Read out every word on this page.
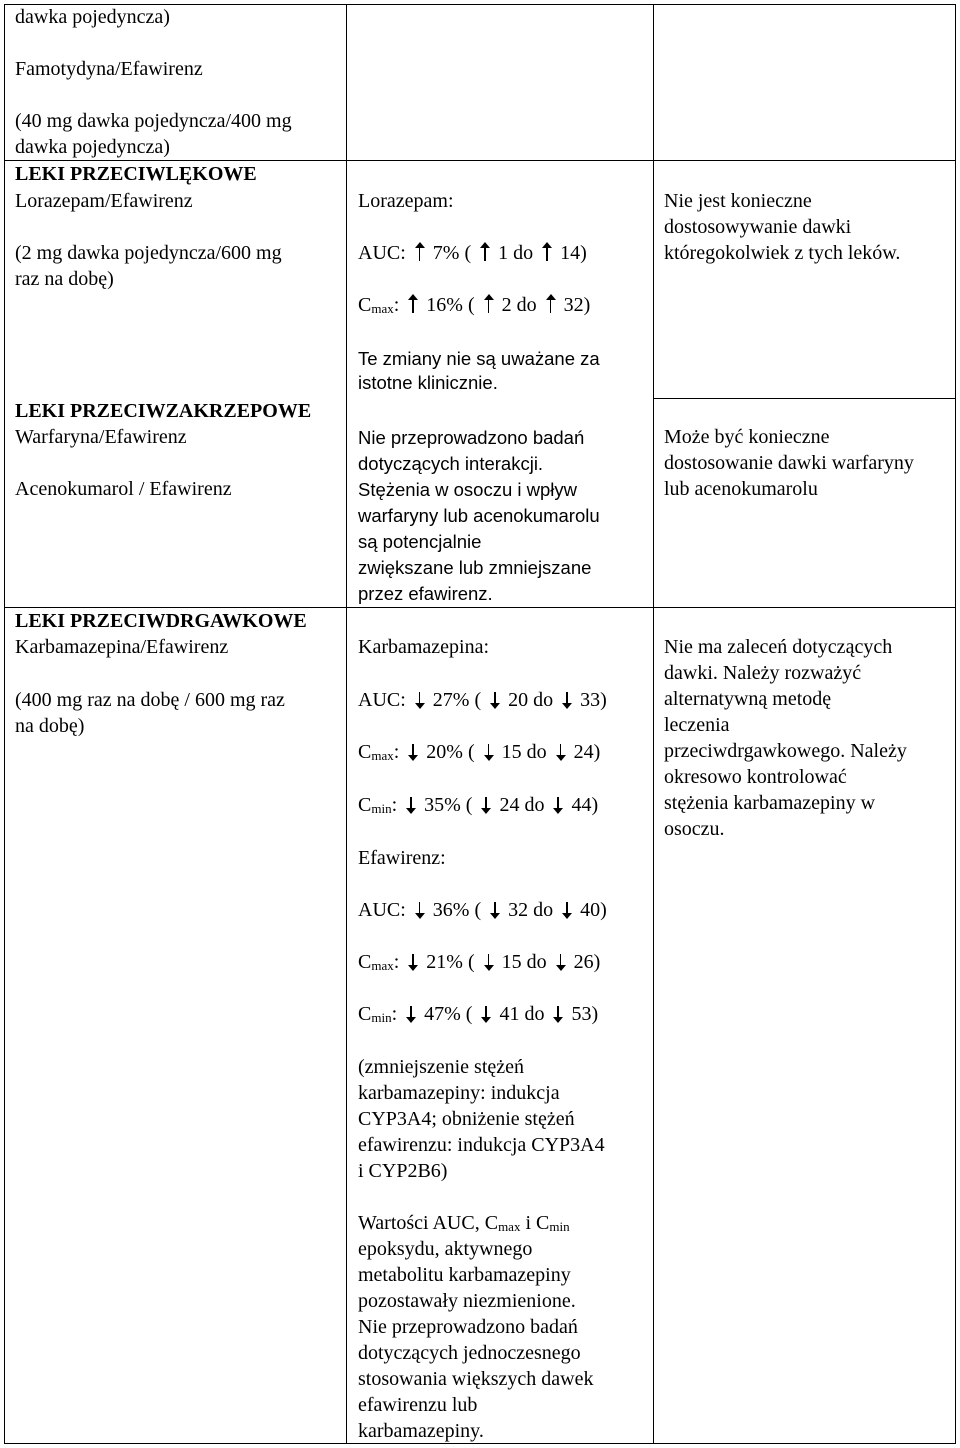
dawka pojedyncza)
Famotydyna/Efawirenz
(40 mg dawka pojedyncza/400 mg
dawka pojedyncza)
LEKI PRZECIWLĘKOWE
Lorazepam/Efawirenz
(2 mg dawka pojedyncza/600 mg
raz na dobę)
LEKI PRZECIWZAKRZEPOWE
Warfaryna/Efawirenz
Acenokumarol / Efawirenz
LEKI PRZECIWDRGAWKOWE
Karbamazepina/Efawirenz
(400 mg raz na dobę / 600 mg raz
na dobę)
Lorazepam:
AUC: 7% ( 1 do 14)
$C_{max}$: 16% ( 2 do 32)
Te zmiany nie są uważane za
istotne klinicznie.
Nie przeprowadzono badań
dotyczących interakcji.
Stężenia w osoczu i wpływ
warfaryny lub acenokumarolu
są potencjalnie
zwiększane lub zmniejszane
przez efawirenz.
Karbamazepina:
AUC: 27% ( 20 do 33)
$C_{max}$: 20% ( 15 do 24)
$C_{min}$: 35% ( 24 do 44)
Efawirenz:
AUC: 36% ( 32 do 40)
$C_{max}$: 21% ( 15 do 26)
$C_{min}$: 47% ( 41 do 53)
(zmniejszenie stężeń
karbamazepiny: indukcja
CYP3A4; obniżenie stężeń
efawirenzu: indukcja CYP3A4
i CYP2B6)
Wartości AUC, $C_{max}$ i $C_{min}$
epoksydu, aktywnego
metabolitu karbamazepiny
pozostawały niezmienione.
Nie przeprowadzono badań
dotyczących jednoczesnego
stosowania większych dawek
efawirenzu lub
karbamazepiny.
Nie jest konieczne
dostosowywanie dawki
któregokolwiek z tych leków.
Może być konieczne
dostosowanie dawki warfaryny
lub acenokumarolu
Nie ma zaleceń dotyczących
dawki. Należy rozważyć
alternatywną metodę
leczenia
przeciwdrgawkowego. Należy
okresowo kontrolować
stężenia karbamazepiny w
osoczu.
